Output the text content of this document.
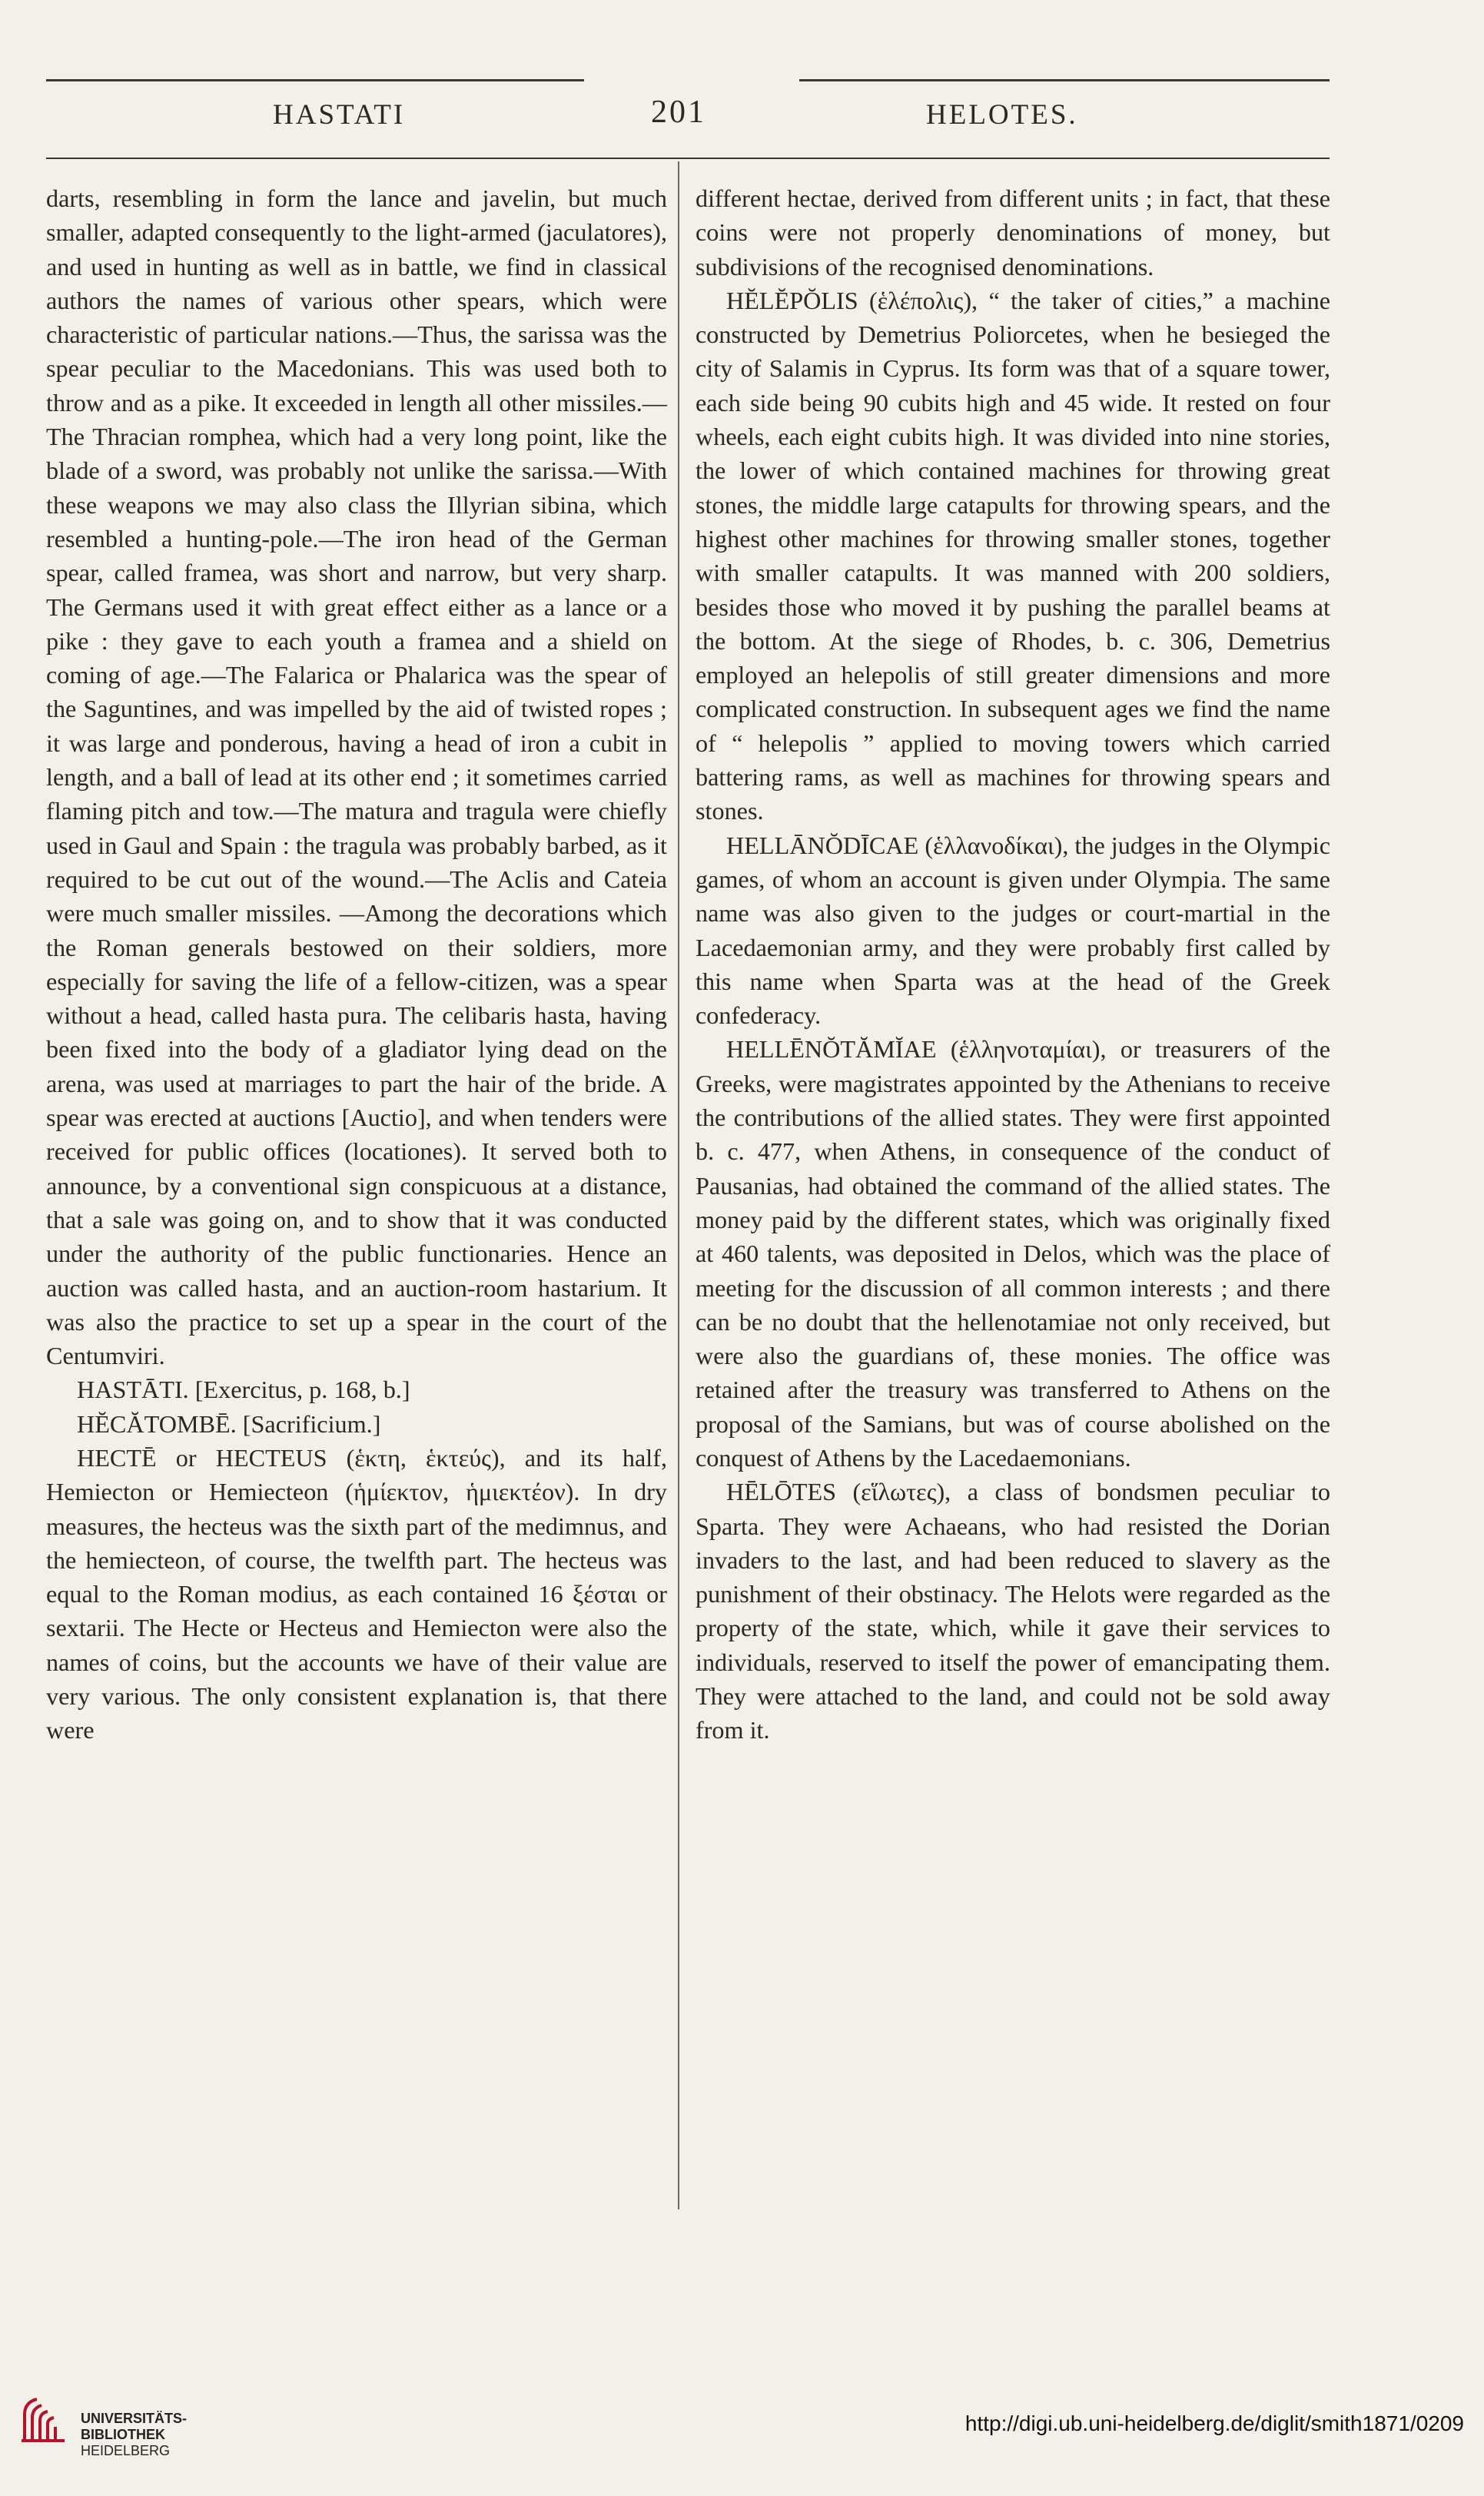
HASTATI	201	HELOTES.

darts, resembling in form the lance and javelin, but much smaller, adapted consequently to the light-armed (jaculatores), and used in hunting as well as in battle, we find in classical authors the names of various other spears, which were characteristic of particular nations.—Thus, the sarissa was the spear peculiar to the Macedonians. This was used both to throw and as a pike. It exceeded in length all other missiles.—The Thracian romphea, which had a very long point, like the blade of a sword, was probably not unlike the sarissa.—With these weapons we may also class the Illyrian sibina, which resembled a hunting-pole.—The iron head of the German spear, called framea, was short and narrow, but very sharp. The Germans used it with great effect either as a lance or a pike : they gave to each youth a framea and a shield on coming of age.—The Falarica or Phalarica was the spear of the Saguntines, and was impelled by the aid of twisted ropes ; it was large and ponderous, having a head of iron a cubit in length, and a ball of lead at its other end ; it sometimes carried flaming pitch and tow.—The matura and tragula were chiefly used in Gaul and Spain : the tragula was probably barbed, as it required to be cut out of the wound.—The Aclis and Cateia were much smaller missiles. —Among the decorations which the Roman generals bestowed on their soldiers, more especially for saving the life of a fellow-citizen, was a spear without a head, called hasta pura. The celibaris hasta, having been fixed into the body of a gladiator lying dead on the arena, was used at marriages to part the hair of the bride. A spear was erected at auctions [Auctio], and when tenders were received for public offices (locationes). It served both to announce, by a conventional sign conspicuous at a distance, that a sale was going on, and to show that it was conducted under the authority of the public functionaries. Hence an auction was called hasta, and an auction-room hastarium. It was also the practice to set up a spear in the court of the Centumviri.

HASTĀTI. [Exercitus, p. 168, b.]

HĔCĂTOMBĒ. [Sacrificium.]

HECTĒ or HECTEUS (ἑκτη, ἑκτεύς), and its half, Hemiecton or Hemiecteon (ἡμίεκτον, ἡμιεκτέον). In dry measures, the hecteus was the sixth part of the medimnus, and the hemiecteon, of course, the twelfth part. The hecteus was equal to the Roman modius, as each contained 16 ξέσται or sextarii. The Hecte or Hecteus and Hemiecton were also the names of coins, but the accounts we have of their value are very various. The only consistent explanation is, that there were

different hectae, derived from different units ; in fact, that these coins were not properly denominations of money, but subdivisions of the recognised denominations.

HĔLĔPŎLIS (ἑλέπολις), “ the taker of cities,” a machine constructed by Demetrius Poliorcetes, when he besieged the city of Salamis in Cyprus. Its form was that of a square tower, each side being 90 cubits high and 45 wide. It rested on four wheels, each eight cubits high. It was divided into nine stories, the lower of which contained machines for throwing great stones, the middle large catapults for throwing spears, and the highest other machines for throwing smaller stones, together with smaller catapults. It was manned with 200 soldiers, besides those who moved it by pushing the parallel beams at the bottom. At the siege of Rhodes, b. c. 306, Demetrius employed an helepolis of still greater dimensions and more complicated construction. In subsequent ages we find the name of “ helepolis ” applied to moving towers which carried battering rams, as well as machines for throwing spears and stones.

HELLĀNŎDĪCAE (ἑλλανοδίκαι), the judges in the Olympic games, of whom an account is given under Olympia. The same name was also given to the judges or court-martial in the Lacedaemonian army, and they were probably first called by this name when Sparta was at the head of the Greek confederacy.

HELLĒNŎTĂMĬAE (ἑλληνοταμίαι), or treasurers of the Greeks, were magistrates appointed by the Athenians to receive the contributions of the allied states. They were first appointed b. c. 477, when Athens, in consequence of the conduct of Pausanias, had obtained the command of the allied states. The money paid by the different states, which was originally fixed at 460 talents, was deposited in Delos, which was the place of meeting for the discussion of all common interests ; and there can be no doubt that the hellenotamiae not only received, but were also the guardians of, these monies. The office was retained after the treasury was transferred to Athens on the proposal of the Samians, but was of course abolished on the conquest of Athens by the Lacedaemonians.

HĒLŌTES (εἵλωτες), a class of bondsmen peculiar to Sparta. They were Achaeans, who had resisted the Dorian invaders to the last, and had been reduced to slavery as the punishment of their obstinacy. The Helots were regarded as the property of the state, which, while it gave their services to individuals, reserved to itself the power of emancipating them. They were attached to the land, and could not be sold away from it.

UNIVERSITÄTS-
BIBLIOTHEK
HEIDELBERG
http://digi.ub.uni-heidelberg.de/diglit/smith1871/0209
